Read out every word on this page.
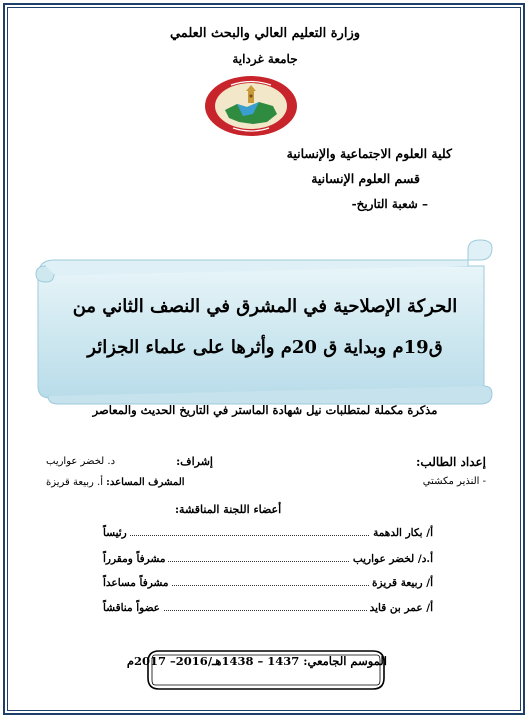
وزارة التعليم العالي والبحث العلمي
جامعة غرداية
كلية العلوم الاجتماعية والإنسانية
قسم العلوم الإنسانية
– شعبة التاريخ-
الحركة الإصلاحية في المشرق في النصف الثاني من
ق19م وبداية ق 20م وأثرها على علماء الجزائر
مذكرة مكملة لمتطلبات نيل شهادة الماستر في التاريخ الحديث والمعاصر
إعداد الطالب:
- النذير مكشتي
إشراف:
د. لخضر عواريب
المشرف المساعد: أ. ربيعة قريزة
أعضاء اللجنة المناقشة:
أ/ بكار الدهمة
رئيساً
أ.د/ لخضر عواريب
مشرفاً ومقرراً
أ/ ربيعة قريزة
مشرفاً مساعداً
أ/ عمر بن قايد
عضواً مناقشاً
الموسم الجامعي: 1437 – 1438هـ/2016– 2017م
